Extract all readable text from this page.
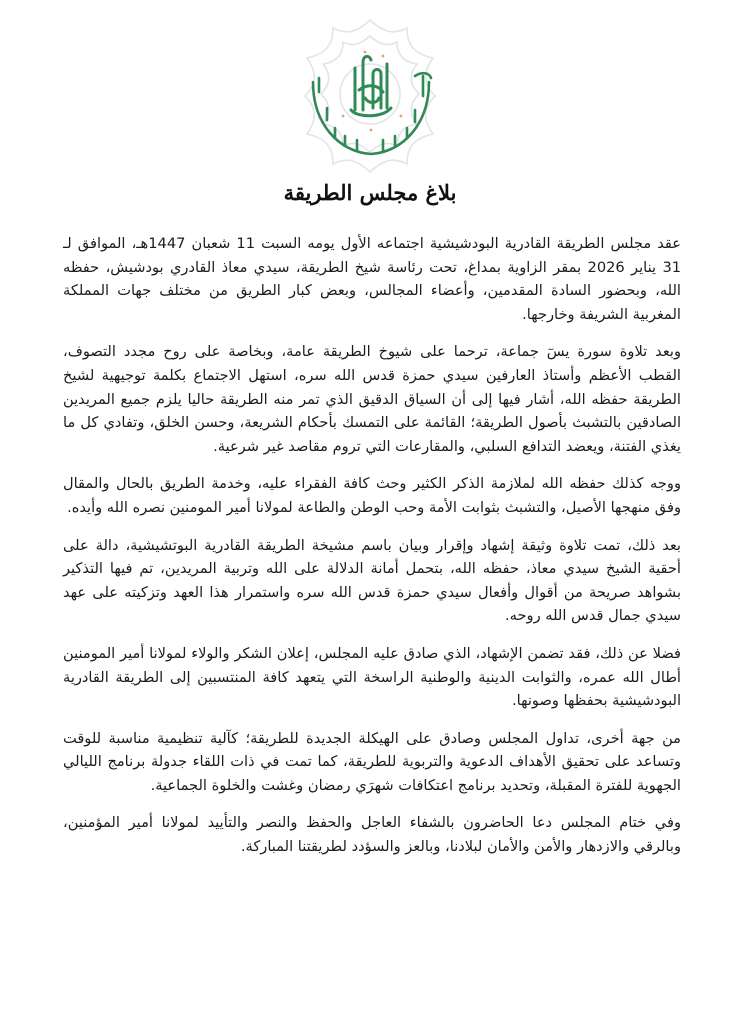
بلاغ مجلس الطريقة

عقد مجلس الطريقة القادرية البودشيشية اجتماعه الأول يومه السبت 11 شعبان 1447هـ، الموافق لـ 31 يناير 2026 بمقر الزاوية بمداغ، تحت رئاسة شيخ الطريقة، سيدي معاذ القادري بودشيش، حفظه الله، وبحضور السادة المقدمين، وأعضاء المجالس، وبعض كبار الطريق من مختلف جهات المملكة المغربية الشريفة وخارجها.

وبعد تلاوة سورة يسٓ جماعة، ترحما على شيوخ الطريقة عامة، وبخاصة على روح مجدد التصوف، القطب الأعظم وأستاذ العارفين سيدي حمزة قدس الله سره، استهل الاجتماع بكلمة توجيهية لشيخ الطريقة حفظه الله، أشار فيها إلى أن السياق الدقيق الذي تمر منه الطريقة حاليا يلزم جميع المريدين الصادقين بالتشبث بأصول الطريقة؛ القائمة على التمسك بأحكام الشريعة، وحسن الخلق، وتفادي كل ما يغذي الفتنة، ويعضد التدافع السلبي، والمقارعات التي تروم مقاصد غير شرعية.

ووجه كذلك حفظه الله لملازمة الذكر الكثير وحث كافة الفقراء عليه، وخدمة الطريق بالحال والمقال وفق منهجها الأصيل، والتشبث بثوابت الأمة وحب الوطن والطاعة لمولانا أمير المومنين نصره الله وأيده.

بعد ذلك، تمت تلاوة وثيقة إشهاد وإقرار وبيان باسم مشيخة الطريقة القادرية البوتشيشية، دالة على أحقية الشيخ سيدي معاذ، حفظه الله، بتحمل أمانة الدلالة على الله وتربية المريدين، تم فيها التذكير بشواهد صريحة من أقوال وأفعال سيدي حمزة قدس الله سره واستمرار هذا العهد وتزكيته على عهد سيدي جمال قدس الله روحه.

فضلا عن ذلك، فقد تضمن الإشهاد، الذي صادق عليه المجلس، إعلان الشكر والولاء لمولانا أمير المومنين أطال الله عمره، والثوابت الدينية والوطنية الراسخة التي يتعهد كافة المنتسبين إلى الطريقة القادرية البودشيشية بحفظها وصونها.

من جهة أخرى، تداول المجلس وصادق على الهيكلة الجديدة للطريقة؛ كآلية تنظيمية مناسبة للوقت وتساعد على تحقيق الأهداف الدعوية والتربوية للطريقة، كما تمت في ذات اللقاء جدولة برنامج الليالي الجهوية للفترة المقبلة، وتحديد برنامج اعتكافات شهرَي رمضان وغشت والخلوة الجماعية.

وفي ختام المجلس دعا الحاضرون بالشفاء العاجل والحفظ والنصر والتأييد لمولانا أمير المؤمنين، وبالرقي والازدهار والأمن والأمان لبلادنا، وبالعز والسؤدد لطريقتنا المباركة.
